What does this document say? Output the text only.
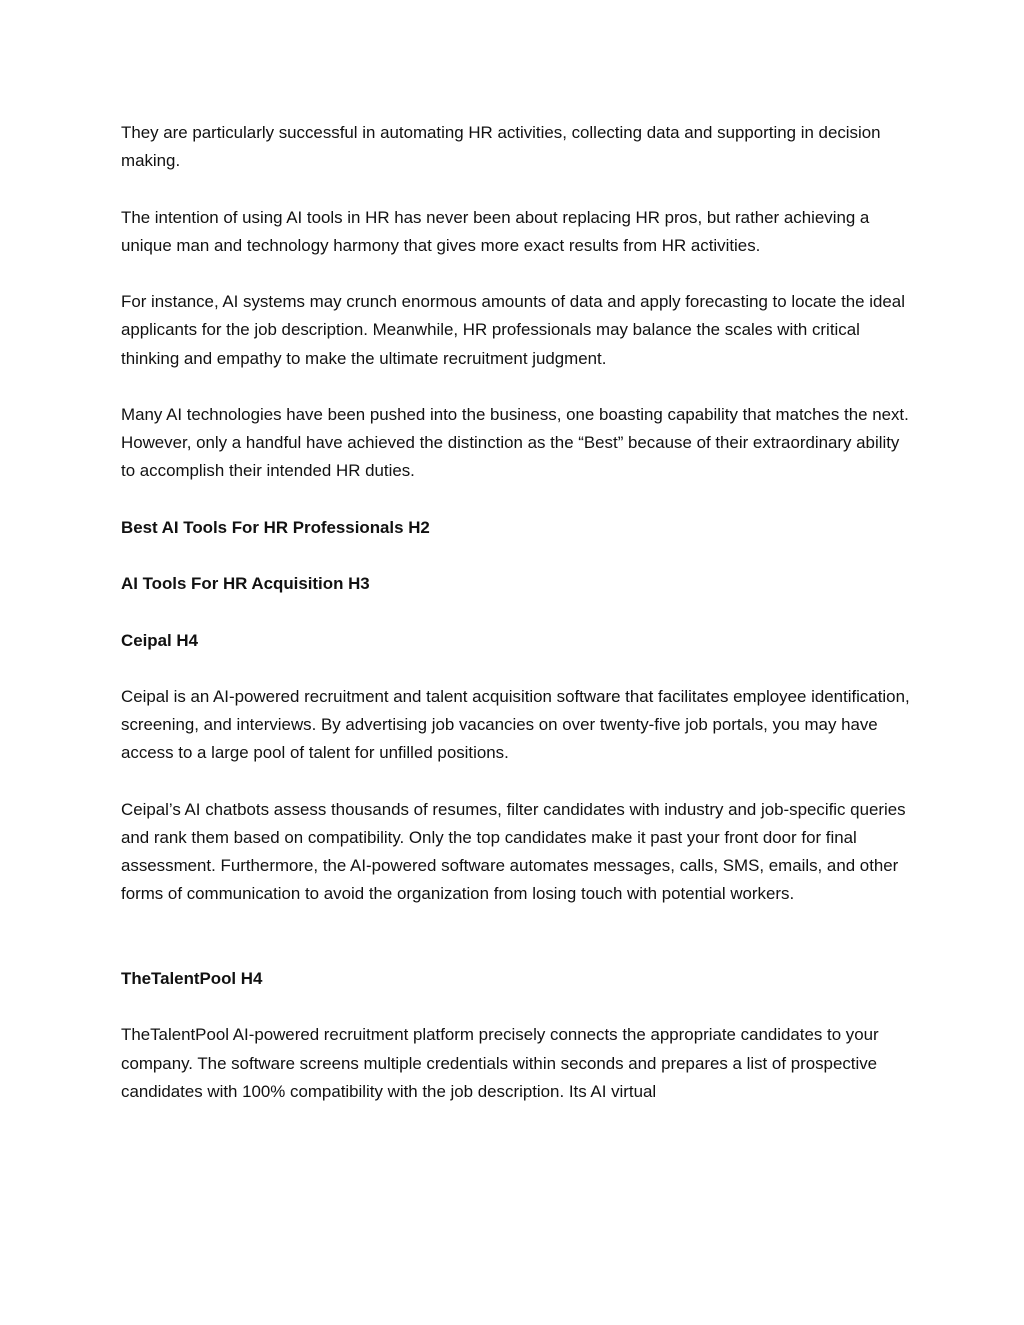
They are particularly successful in automating HR activities, collecting data and supporting in decision making.

The intention of using AI tools in HR has never been about replacing HR pros, but rather achieving a unique man and technology harmony that gives more exact results from HR activities.

For instance, AI systems may crunch enormous amounts of data and apply forecasting to locate the ideal applicants for the job description. Meanwhile, HR professionals may balance the scales with critical thinking and empathy to make the ultimate recruitment judgment.

Many AI technologies have been pushed into the business, one boasting capability that matches the next. However, only a handful have achieved the distinction as the “Best” because of their extraordinary ability to accomplish their intended HR duties.

Best AI Tools For HR Professionals H2

AI Tools For HR Acquisition H3

Ceipal H4

Ceipal is an AI-powered recruitment and talent acquisition software that facilitates employee identification, screening, and interviews. By advertising job vacancies on over twenty-five job portals, you may have access to a large pool of talent for unfilled positions.

Ceipal’s AI chatbots assess thousands of resumes, filter candidates with industry and job-specific queries and rank them based on compatibility. Only the top candidates make it past your front door for final assessment. Furthermore, the AI-powered software automates messages, calls, SMS, emails, and other forms of communication to avoid the organization from losing touch with potential workers.

TheTalentPool H4

TheTalentPool AI-powered recruitment platform precisely connects the appropriate candidates to your company. The software screens multiple credentials within seconds and prepares a list of prospective candidates with 100% compatibility with the job description. Its AI virtual
